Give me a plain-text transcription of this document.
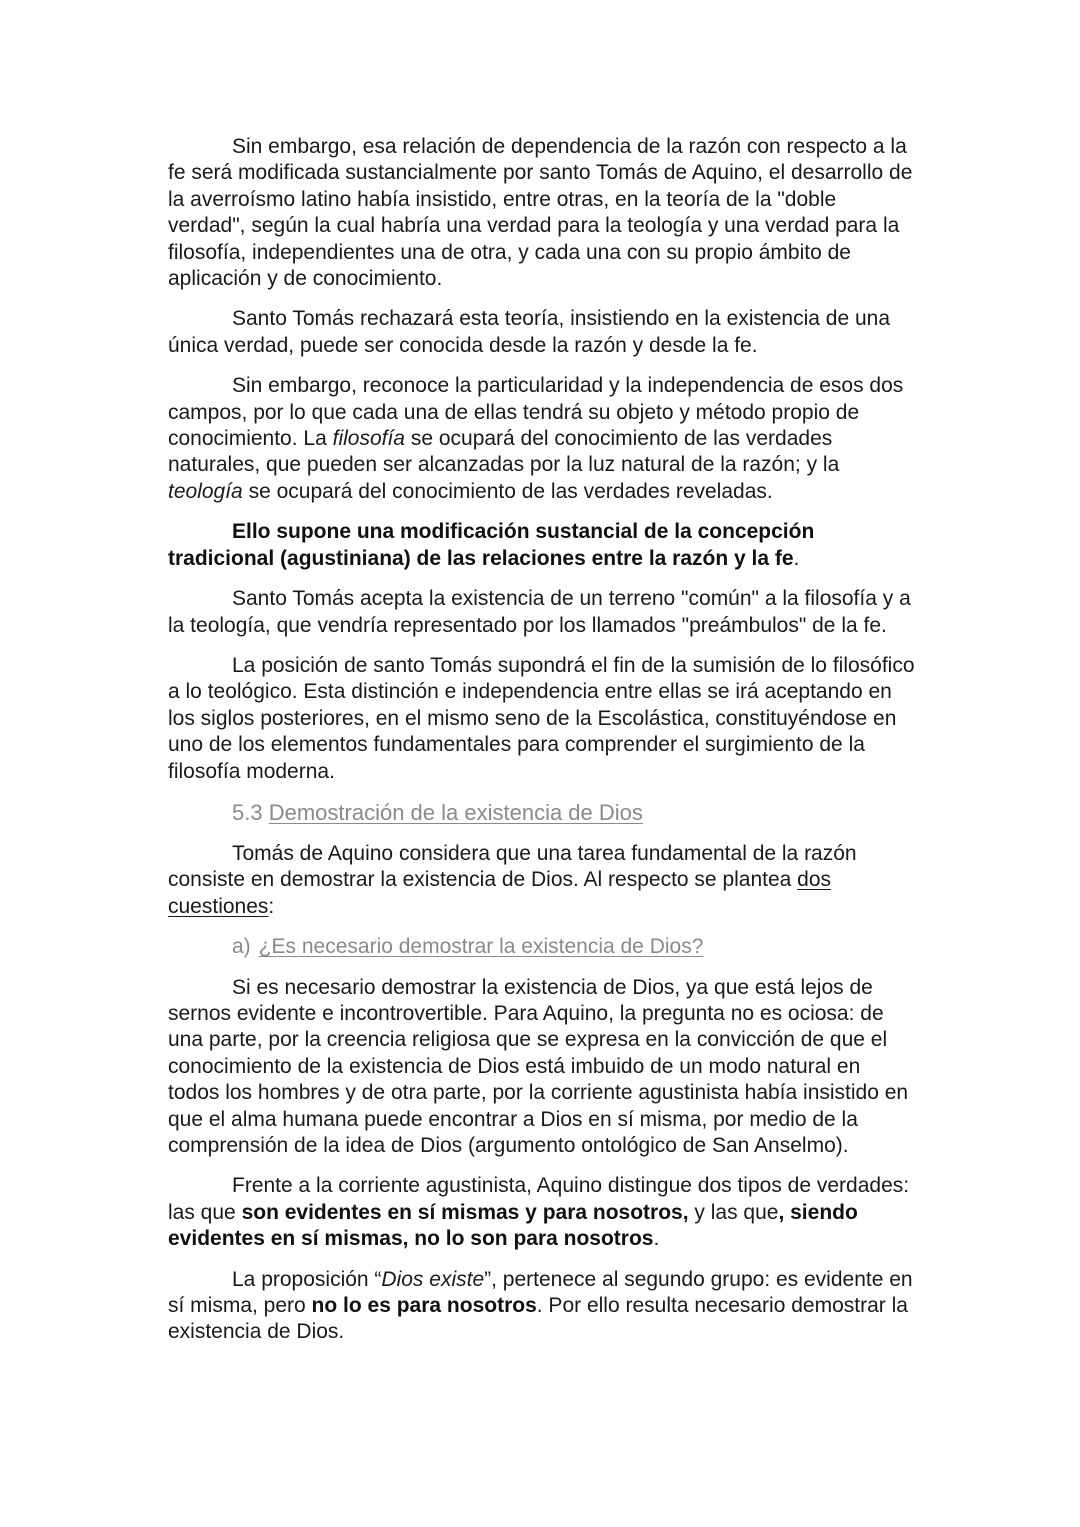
Sin embargo, esa relación de dependencia de la razón con respecto a la fe será modificada sustancialmente por santo Tomás de Aquino, el desarrollo de la averroísmo latino había insistido, entre otras, en la teoría de la "doble verdad", según la cual habría una verdad para la teología y una verdad para la filosofía, independientes una de otra, y cada una con su propio ámbito de aplicación y de conocimiento.

Santo Tomás rechazará esta teoría, insistiendo en la existencia de una única verdad, puede ser conocida desde la razón y desde la fe.

Sin embargo, reconoce la particularidad y la independencia de esos dos campos, por lo que cada una de ellas tendrá su objeto y método propio de conocimiento. La filosofía se ocupará del conocimiento de las verdades naturales, que pueden ser alcanzadas por la luz natural de la razón; y la teología se ocupará del conocimiento de las verdades reveladas.

Ello supone una modificación sustancial de la concepción tradicional (agustiniana) de las relaciones entre la razón y la fe.

Santo Tomás acepta la existencia de un terreno "común" a la filosofía y a la teología, que vendría representado por los llamados "preámbulos" de la fe.

La posición de santo Tomás supondrá el fin de la sumisión de lo filosófico a lo teológico. Esta distinción e independencia entre ellas se irá aceptando en los siglos posteriores, en el mismo seno de la Escolástica, constituyéndose en uno de los elementos fundamentales para comprender el surgimiento de la filosofía moderna.

5.3 Demostración de la existencia de Dios

Tomás de Aquino considera que una tarea fundamental de la razón consiste en demostrar la existencia de Dios. Al respecto se plantea dos cuestiones:

a) ¿Es necesario demostrar la existencia de Dios?

Si es necesario demostrar la existencia de Dios, ya que está lejos de sernos evidente e incontrovertible. Para Aquino, la pregunta no es ociosa: de una parte, por la creencia religiosa que se expresa en la convicción de que el conocimiento de la existencia de Dios está imbuido de un modo natural en todos los hombres y de otra parte, por la corriente agustinista había insistido en que el alma humana puede encontrar a Dios en sí misma, por medio de la comprensión de la idea de Dios (argumento ontológico de San Anselmo).

Frente a la corriente agustinista, Aquino distingue dos tipos de verdades: las que son evidentes en sí mismas y para nosotros, y las que, siendo evidentes en sí mismas, no lo son para nosotros.

La proposición “Dios existe”, pertenece al segundo grupo: es evidente en sí misma, pero no lo es para nosotros. Por ello resulta necesario demostrar la existencia de Dios.
